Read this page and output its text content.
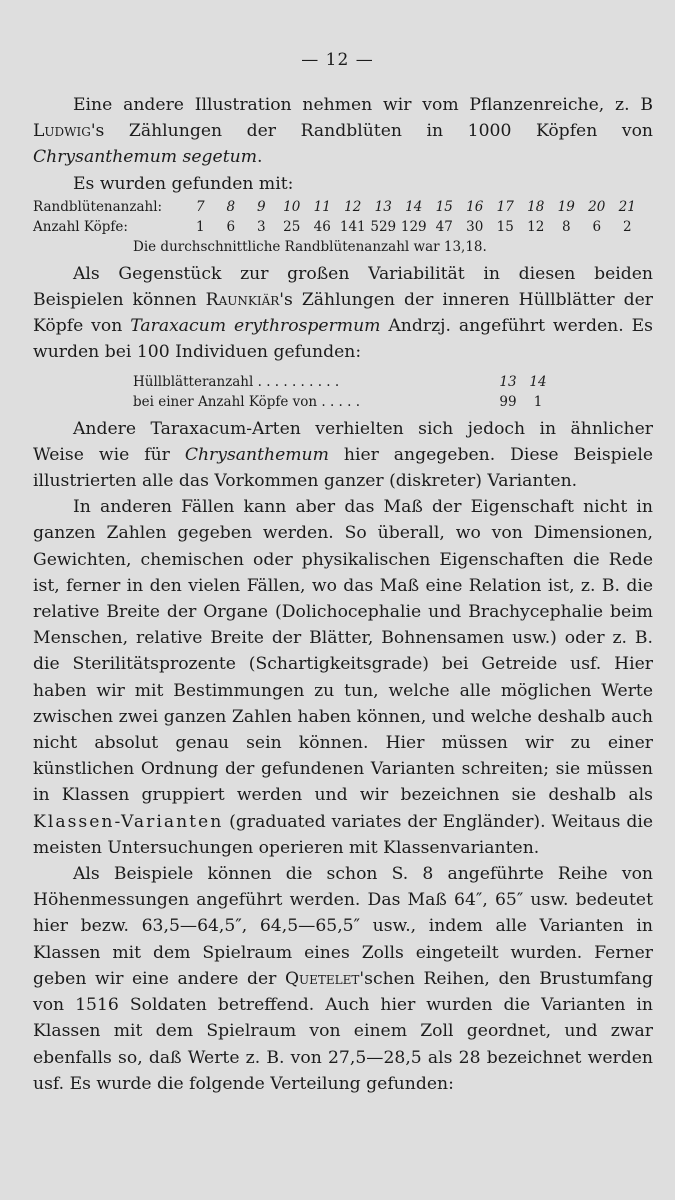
— 12 —

Eine andere Illustration nehmen wir vom Pflanzenreiche, z. B Ludwig's Zählungen der Randblüten in 1000 Köpfen von Chrysanthemum segetum.

Es wurden gefunden mit:

Randblütenanzahl:	7	8	9	10 11 12 13 14 15 16 17 18 19 20 21
Anzahl Köpfe:	1	6	3	25 46 141 529 129 47 30 15 12	8	6	2
Die durchschnittliche Randblütenanzahl war 13,18.

Als Gegenstück zur großen Variabilität in diesen beiden Beispielen können Raunkiär's Zählungen der inneren Hüllblätter der Köpfe von Taraxacum erythrospermum Andrzj. angeführt werden. Es wurden bei 100 Individuen gefunden:

Hüllblätteranzahl . . . . . . . . . .	13 14
bei einer Anzahl Köpfe von . . . . .	99	1

Andere Taraxacum-Arten verhielten sich jedoch in ähnlicher Weise wie für Chrysanthemum hier angegeben. Diese Beispiele illustrierten alle das Vorkommen ganzer (diskreter) Varianten.

In anderen Fällen kann aber das Maß der Eigenschaft nicht in ganzen Zahlen gegeben werden. So überall, wo von Dimensionen, Gewichten, chemischen oder physikalischen Eigenschaften die Rede ist, ferner in den vielen Fällen, wo das Maß eine Relation ist, z. B. die relative Breite der Organe (Dolichocephalie und Brachycephalie beim Menschen, relative Breite der Blätter, Bohnensamen usw.) oder z. B. die Sterilitätsprozente (Schartigkeitsgrade) bei Getreide usf. Hier haben wir mit Bestimmungen zu tun, welche alle möglichen Werte zwischen zwei ganzen Zahlen haben können, und welche deshalb auch nicht absolut genau sein können. Hier müssen wir zu einer künstlichen Ordnung der gefundenen Varianten schreiten; sie müssen in Klassen gruppiert werden und wir bezeichnen sie deshalb als Klassen-Varianten (graduated variates der Engländer). Weitaus die meisten Untersuchungen operieren mit Klassenvarianten.

Als Beispiele können die schon S. 8 angeführte Reihe von Höhenmessungen angeführt werden. Das Maß 64″, 65″ usw. bedeutet hier bezw. 63,5—64,5″, 64,5—65,5″ usw., indem alle Varianten in Klassen mit dem Spielraum eines Zolls eingeteilt wurden. Ferner geben wir eine andere der Quetelet'schen Reihen, den Brustumfang von 1516 Soldaten betreffend. Auch hier wurden die Varianten in Klassen mit dem Spielraum von einem Zoll geordnet, und zwar ebenfalls so, daß Werte z. B. von 27,5—28,5 als 28 bezeichnet werden usf. Es wurde die folgende Verteilung gefunden:
